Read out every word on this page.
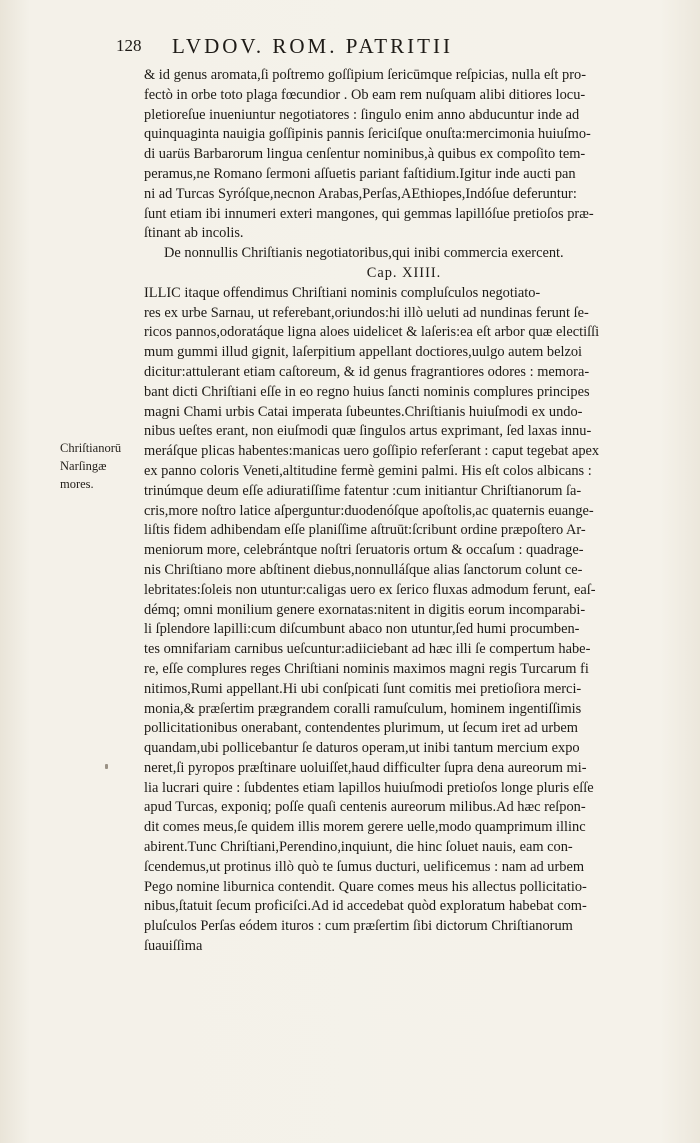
128 LVDOV. ROM. PATRITII
Chriſtianorū
Narſingæ
mores.
& id genus aromata,ſi poſtremo goſſipium ſericūmque reſpicias, nulla eſt pro-
fectò in orbe toto plaga fœcundior . Ob eam rem nuſquam alibi ditiores locu-
pletioreſue inueniuntur negotiatores : ſingulo enim anno abducuntur inde ad
quinquaginta nauigia goſſipinis pannis ſericiſque onuſta:mercimonia huiuſmo-
di uarüs Barbarorum lingua cenſentur nominibus,à quibus ex compoſito tem-
peramus,ne Romano ſermoni aſſuetis pariant faſtidium.Igitur inde aucti pan
ni ad Turcas Syróſque,necnon Arabas,Perſas,AEthiopes,Indóſue deferuntur:
ſunt etiam ibi innumeri exteri mangones, qui gemmas lapillóſue pretioſos præ-
ſtinant ab incolis.
De nonnullis Chriſtianis negotiatoribus,qui inibi commercia exercent.
Cap. XIIII.
ILLIC itaque offendimus Chriſtiani nominis compluſculos negotiato-
res ex urbe Sarnau, ut referebant,oriundos:hi illò ueluti ad nundinas ferunt ſe-
ricos pannos,odoratáque ligna aloes uidelicet & laſeris:ea eſt arbor quæ electiſſi
mum gummi illud gignit, laſerpitium appellant doctiores,uulgo autem belzoi
dicitur:attulerant etiam caſtoreum, & id genus fragrantiores odores : memora-
bant dicti Chriſtiani eſſe in eo regno huius ſancti nominis complures principes
magni Chami urbis Catai imperata ſubeuntes.Chriſtianis huiuſmodi ex undo-
nibus ueſtes erant, non eiuſmodi quæ ſingulos artus exprimant, ſed laxas innu-
meráſque plicas habentes:manicas uero goſſipio referſerant : caput tegebat apex
ex panno coloris Veneti,altitudine fermè gemini palmi. His eſt colos albicans :
trinúmque deum eſſe adiuratiſſime fatentur :cum initiantur Chriſtianorum ſa-
cris,more noſtro latice aſperguntur:duodenóſque apoſtolis,ac quaternis euange-
liſtis fidem adhibendam eſſe planiſſime aſtruūt:ſcribunt ordine præpoſtero Ar-
meniorum more, celebrántque noſtri ſeruatoris ortum & occaſum : quadrage-
nis Chriſtiano more abſtinent diebus,nonnulláſque alias ſanctorum colunt ce-
lebritates:ſoleis non utuntur:caligas uero ex ſerico fluxas admodum ferunt, eaſ-
démq; omni monilium genere exornatas:nitent in digitis eorum incomparabi-
li ſplendore lapilli:cum diſcumbunt abaco non utuntur,ſed humi procumben-
tes omnifariam carnibus ueſcuntur:adiiciebant ad hæc illi ſe compertum habe-
re, eſſe complures reges Chriſtiani nominis maximos magni regis Turcarum fi
nitimos,Rumi appellant.Hi ubi conſpicati ſunt comitis mei pretioſiora merci-
monia,& præſertim prægrandem coralli ramuſculum, hominem ingentiſſimis
pollicitationibus onerabant, contendentes plurimum, ut ſecum iret ad urbem
quandam,ubi pollicebantur ſe daturos operam,ut inibi tantum mercium expo
neret,ſi pyropos præſtinare uoluiſſet,haud difficulter ſupra dena aureorum mi-
lia lucrari quire : ſubdentes etiam lapillos huiuſmodi pretioſos longe pluris eſſe
apud Turcas, exponiq; poſſe quaſi centenis aureorum milibus.Ad hæc reſpon-
dit comes meus,ſe quidem illis morem gerere uelle,modo quamprimum illinc
abirent.Tunc Chriſtiani,Perendino,inquiunt, die hinc ſoluet nauis, eam con-
ſcendemus,ut protinus illò quò te ſumus ducturi, uelificemus : nam ad urbem
Pego nomine liburnica contendit. Quare comes meus his allectus pollicitatio-
nibus,ſtatuit ſecum proficiſci.Ad id accedebat quòd exploratum habebat com-
pluſculos Perſas eódem ituros : cum præſertim ſibi dictorum Chriſtianorum
ſuauiſſima
